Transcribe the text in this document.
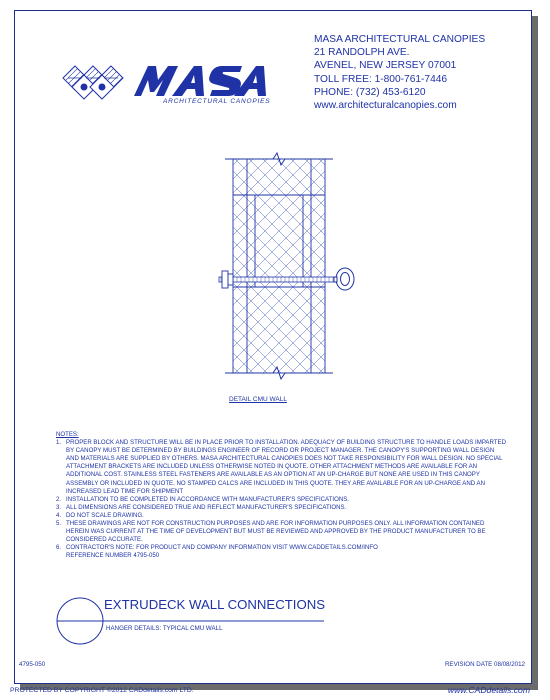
ARCHITECTURAL CANOPIES
MASA ARCHITECTURAL CANOPIES
21 RANDOLPH AVE.
AVENEL, NEW JERSEY 07001
TOLL FREE: 1-800-761-7446
PHONE: (732) 453-6120
www.architecturalcanopies.com
DETAIL CMU WALL
NOTES:
1. PROPER BLOCK AND STRUCTURE WILL BE IN PLACE PRIOR TO INSTALLATION. ADEQUACY OF BUILDING STRUCTURE TO HANDLE LOADS IMPARTED BY CANOPY MUST BE DETERMINED BY BUILDINGS ENGINEER OF RECORD OR PROJECT MANAGER. THE CANOPY'S SUPPORTING WALL DESIGN AND MATERIALS ARE SUPPLIED BY OTHERS. MASA ARCHITECTURAL CANOPIES DOES NOT TAKE RESPONSIBILITY FOR WALL DESIGN. NO SPECIAL ATTACHMENT BRACKETS ARE INCLUDED UNLESS OTHERWISE NOTED IN QUOTE. OTHER ATTACHMENT METHODS ARE AVAILABLE FOR AN ADDITIONAL COST. STAINLESS STEEL FASTENERS ARE AVAILABLE AS AN OPTION AT AN UP-CHARGE BUT NONE ARE USED IN THIS CANOPY ASSEMBLY OR INCLUDED IN QUOTE. NO STAMPED CALCS ARE INCLUDED IN THIS QUOTE. THEY ARE AVAILABLE FOR AN UP-CHARGE AND AN INCREASED LEAD TIME FOR SHIPMENT
2. INSTALLATION TO BE COMPLETED IN ACCORDANCE WITH MANUFACTURER'S SPECIFICATIONS.
3. ALL DIMENSIONS ARE CONSIDERED TRUE AND REFLECT MANUFACTURER'S SPECIFICATIONS.
4. DO NOT SCALE DRAWING.
5. THESE DRAWINGS ARE NOT FOR CONSTRUCTION PURPOSES AND ARE FOR INFORMATION PURPOSES ONLY. ALL INFORMATION CONTAINED HEREIN WAS CURRENT AT THE TIME OF DEVELOPMENT BUT MUST BE REVIEWED AND APPROVED BY THE PRODUCT MANUFACTURER TO BE CONSIDERED ACCURATE.
6. CONTRACTOR'S NOTE: FOR PRODUCT AND COMPANY INFORMATION VISIT WWW.CADDETAILS.COM/INFO
REFERENCE NUMBER 4795-050
EXTRUDECK WALL CONNECTIONS
HANGER DETAILS: TYPICAL CMU WALL
4795-050	REVISION DATE 08/08/2012
PROTECTED BY COPYRIGHT ©2012 CADdetails.com LTD.	www.CADdetails.com
